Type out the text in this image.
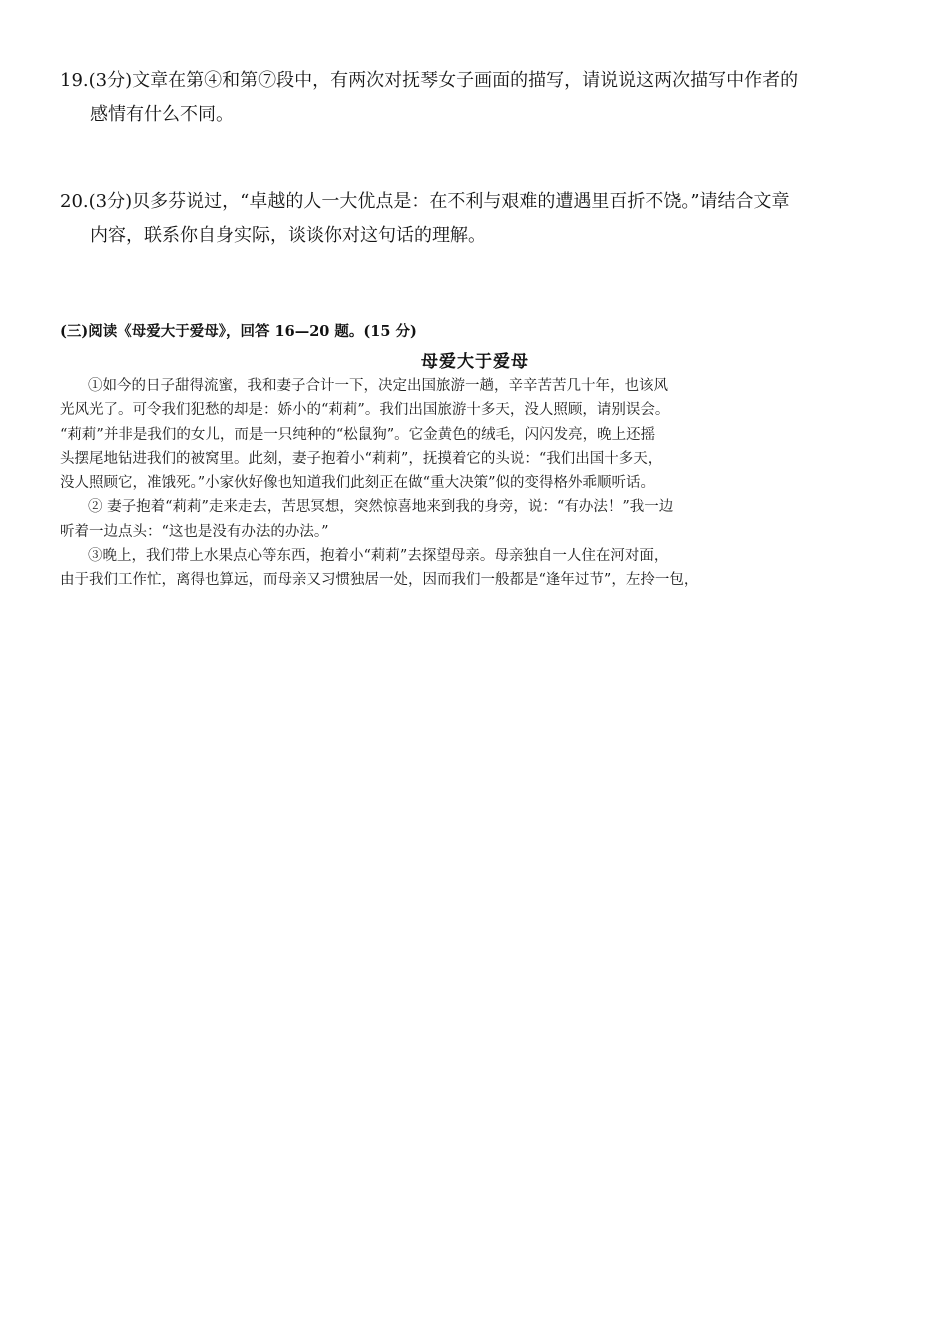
19.(3分)文章在第④和第⑦段中，有两次对抚琴女子画面的描写，请说说这两次描写中作者的
感情有什么不同。
20.(3分)贝多芬说过，“卓越的人一大优点是：在不利与艰难的遭遇里百折不饶。”请结合文章
内容，联系你自身实际，谈谈你对这句话的理解。
(三)阅读《母爱大于爱母》，回答 16—20 题。(15 分)
母爱大于爱母
①如今的日子甜得流蜜，我和妻子合计一下，决定出国旅游一趟，辛辛苦苦几十年，也该风
光风光了。可令我们犯愁的却是：娇小的“莉莉”。我们出国旅游十多天，没人照顾，请别误会。
“莉莉”并非是我们的女儿，而是一只纯种的“松鼠狗”。它金黄色的绒毛，闪闪发亮，晚上还摇
头摆尾地钻进我们的被窝里。此刻，妻子抱着小“莉莉”，抚摸着它的头说：“我们出国十多天，
没人照顾它，准饿死。”小家伙好像也知道我们此刻正在做“重大决策”似的变得格外乖顺听话。
② 妻子抱着“莉莉”走来走去，苦思冥想，突然惊喜地来到我的身旁，说：“有办法！”我一边
听着一边点头：“这也是没有办法的办法。”
③晚上，我们带上水果点心等东西，抱着小“莉莉”去探望母亲。母亲独自一人住在河对面，
由于我们工作忙，离得也算远，而母亲又习惯独居一处，因而我们一般都是“逢年过节”，左拎一包，
